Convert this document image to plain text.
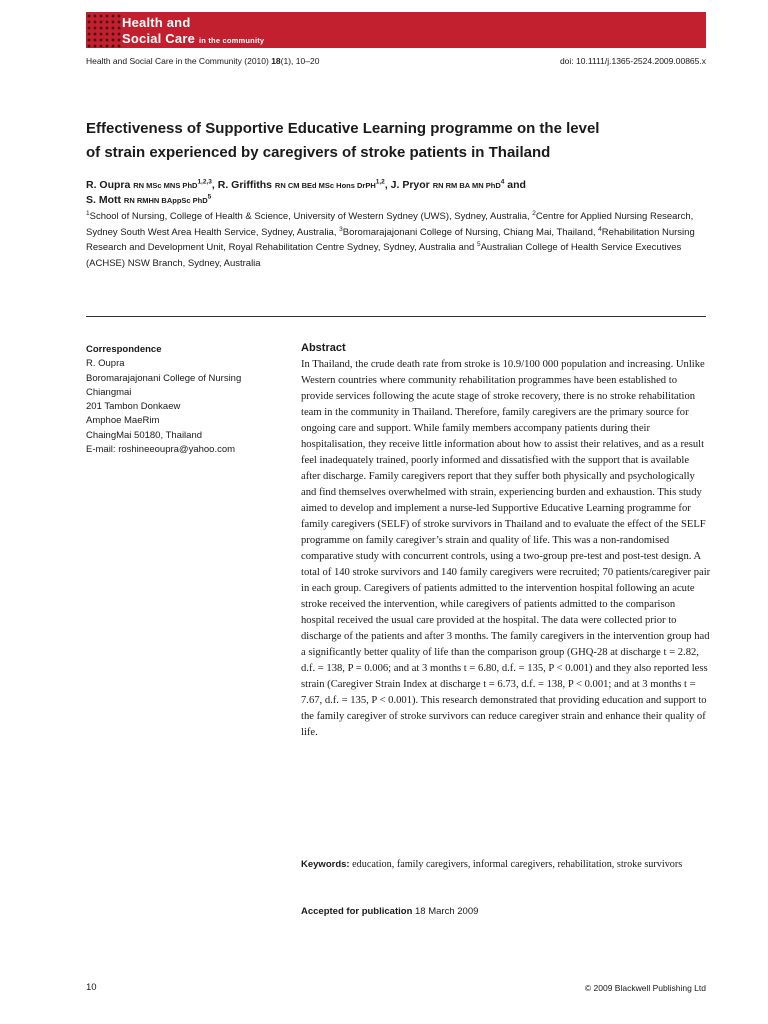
Health and
Social Care in the community
Health and Social Care in the Community (2010) 18(1), 10–20	doi: 10.1111/j.1365-2524.2009.00865.x
Effectiveness of Supportive Educative Learning programme on the level
of strain experienced by caregivers of stroke patients in Thailand
R. Oupra RN MSc MNS PhD$^{1,2,3}$, R. Griffiths RN CM BEd MSc Hons DrPH$^{1,2}$, J. Pryor RN RM BA MN PhD$^4$ and
S. Mott RN RMHN BAppSc PhD$^5$
$^1$School of Nursing, College of Health & Science, University of Western Sydney (UWS), Sydney, Australia, $^2$Centre for Applied Nursing Research, Sydney South West Area Health Service, Sydney, Australia, $^3$Boromarajajonani College of Nursing, Chiang Mai, Thailand, $^4$Rehabilitation Nursing Research and Development Unit, Royal Rehabilitation Centre Sydney, Sydney, Australia and $^5$Australian College of Health Service Executives (ACHSE) NSW Branch, Sydney, Australia
Correspondence
R. Oupra
Boromarajajonani College of Nursing
Chiangmai
201 Tambon Donkaew
Amphoe MaeRim
ChaingMai 50180, Thailand
E-mail: roshineeoupra@yahoo.com
Abstract

In Thailand, the crude death rate from stroke is 10.9/100 000 population and increasing. Unlike Western countries where community rehabilitation programmes have been established to provide services following the acute stage of stroke recovery, there is no stroke rehabilitation team in the community in Thailand. Therefore, family caregivers are the primary source for ongoing care and support. While family members accompany patients during their hospitalisation, they receive little information about how to assist their relatives, and as a result feel inadequately trained, poorly informed and dissatisfied with the support that is available after discharge. Family caregivers report that they suffer both physically and psychologically and find themselves overwhelmed with strain, experiencing burden and exhaustion. This study aimed to develop and implement a nurse-led Supportive Educative Learning programme for family caregivers (SELF) of stroke survivors in Thailand and to evaluate the effect of the SELF programme on family caregiver’s strain and quality of life. This was a non-randomised comparative study with concurrent controls, using a two-group pre-test and post-test design. A total of 140 stroke survivors and 140 family caregivers were recruited; 70 patients/caregiver pair in each group. Caregivers of patients admitted to the intervention hospital following an acute stroke received the intervention, while caregivers of patients admitted to the comparison hospital received the usual care provided at the hospital. The data were collected prior to discharge of the patients and after 3 months. The family caregivers in the intervention group had a significantly better quality of life than the comparison group (GHQ-28 at discharge t = 2.82, d.f. = 138, P = 0.006; and at 3 months t = 6.80, d.f. = 135, P < 0.001) and they also reported less strain (Caregiver Strain Index at discharge t = 6.73, d.f. = 138, P < 0.001; and at 3 months t = 7.67, d.f. = 135, P < 0.001). This research demonstrated that providing education and support to the family caregiver of stroke survivors can reduce caregiver strain and enhance their quality of life.

Keywords: education, family caregivers, informal caregivers, rehabilitation, stroke survivors
Accepted for publication 18 March 2009
10	© 2009 Blackwell Publishing Ltd
